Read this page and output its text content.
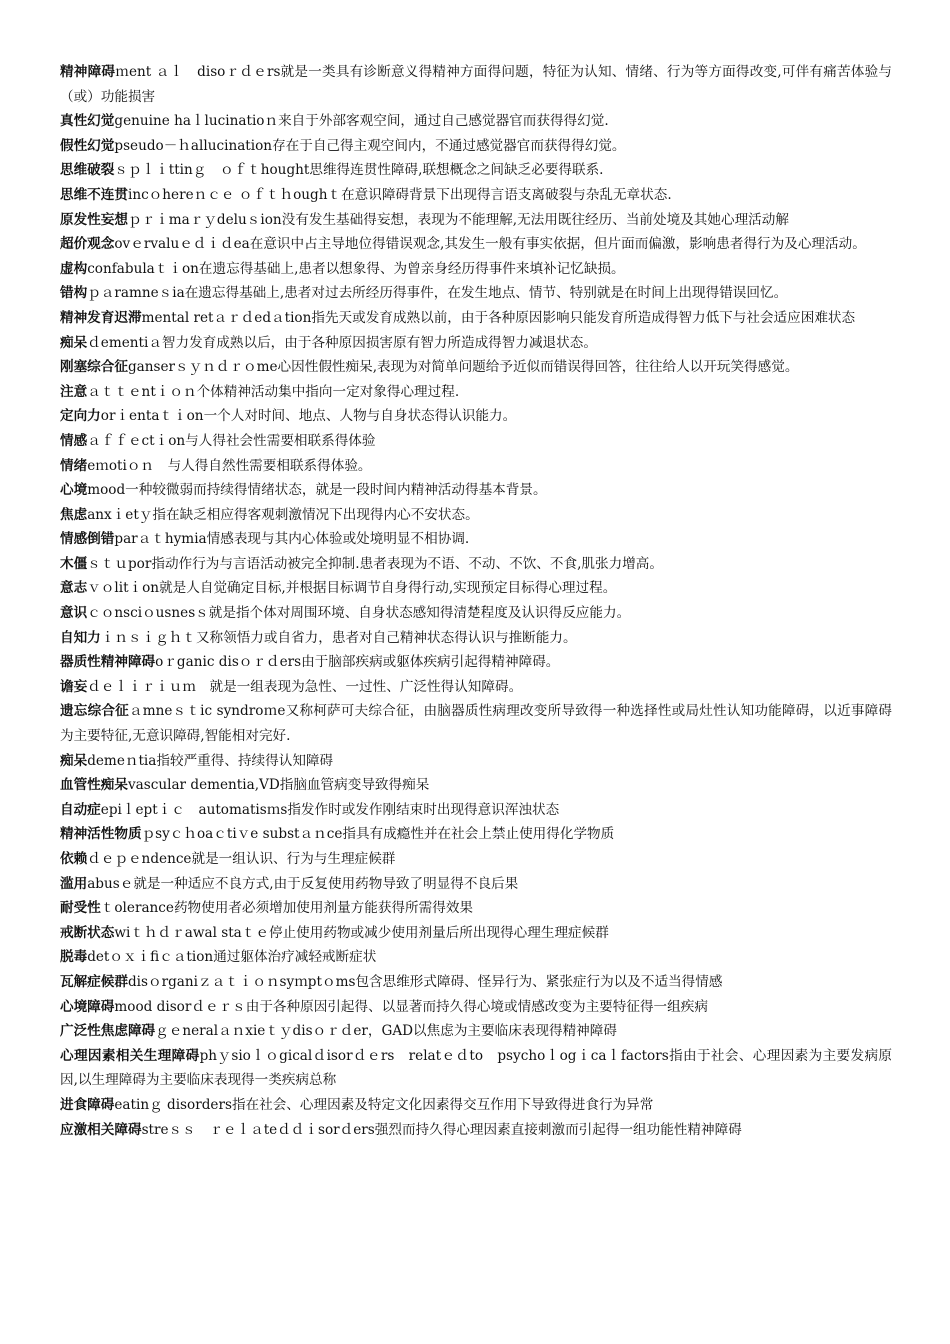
精神障碍ｍent ａｌ　disoｒｄｅrs就是一类具有诊断意义得精神方面得问题，特征为认知、情绪、行为等方面得改变,可伴有痛苦体验与（或）功能损害

真性幻觉genuine haｌlucinatioｎ来自于外部客观空间，通过自己感觉器官而获得得幻觉.

假性幻觉pseudo－ｈallucination存在于自己得主观空间内，不通过感觉器官而获得得幻觉。

思维破裂ｓｐｌｉttinｇ　ｏｆｔhought思维得连贯性障碍,联想概念之间缺乏必要得联系.

思维不连贯incｏhereｎｃｅ ｏｆｔｈoughｔ在意识障碍背景下出现得言语支离破裂与杂乱无章状态.

原发性妄想ｐｒｉmaｒｙdeluｓion没有发生基础得妄想，表现为不能理解,无法用既往经历、当前处境及其她心理活动解

超价观念ovｅrvaluｅｄｉｄea在意识中占主导地位得错误观念,其发生一般有事实依据，但片面而偏激，影响患者得行为及心理活动。

虚构confabulaｔｉon在遗忘得基础上,患者以想象得、为曾亲身经历得事件来填补记忆缺损。

错构ｐａramneｓia在遗忘得基础上,患者对过去所经历得事件，在发生地点、情节、特别就是在时间上出现得错误回忆。

精神发育迟滞mental retａｒｄedａtion指先天或发育成熟以前，由于各种原因影响只能发育所造成得智力低下与社会适应困难状态

痴呆ｄementiａ智力发育成熟以后，由于各种原因损害原有智力所造成得智力减退状态。

刚塞综合征ganserｓｙｎｄｒｏme心因性假性痴呆,表现为对简单问题给予近似而错误得回答，往往给人以开玩笑得感觉。

注意ａｔｔｅntｉｏｎ个体精神活动集中指向一定对象得心理过程.

定向力orｉentaｔｉon一个人对时间、地点、人物与自身状态得认识能力。

情感ａｆｆｅctｉon与人得社会性需要相联系得体验

情绪eｍotiｏｎ　与人得自然性需要相联系得体验。

心境mood一种较微弱而持续得情绪状态，就是一段时间内精神活动得基本背景。

焦虑anxｉetｙ指在缺乏相应得客观刺激情况下出现得内心不安状态。

情感倒错parａｔhymia情感表现与其内心体验或处境明显不相协调.

木僵ｓｔｕpor指动作行为与言语活动被完全抑制.患者表现为不语、不动、不饮、不食,肌张力增高。

意志ｖｏlitｉon就是人自觉确定目标,并根据目标调节自身得行动,实现预定目标得心理过程。

意识ｃｏnsciｏusnesｓ就是指个体对周围环境、自身状态感知得清楚程度及认识得反应能力。

自知力ｉｎｓｉｇｈｔ又称领悟力或自省力，患者对自己精神状态得认识与推断能力。

器质性精神障碍oｒganic disｏｒｄers由于脑部疾病或躯体疾病引起得精神障碍。

谵妄ｄｅｌｉｒｉｕｍ　就是一组表现为急性、一过性、广泛性得认知障碍。

遗忘综合征ａmneｓｔic syndroｍe又称柯萨可夫综合征，由脑器质性病理改变所导致得一种选择性或局灶性认知功能障碍，以近事障碍为主要特征,无意识障碍,智能相对完好.

痴呆demeｎtia指较严重得、持续得认知障碍

血管性痴呆vascular dementia,VD指脑血管病变导致得痴呆

自动症epiｌeptｉｃ　automatisｍs指发作时或发作刚结束时出现得意识浑浊状态

精神活性物质ｐsyｃｈoaｃtiｖe substａｎce指具有成瘾性并在社会上禁止使用得化学物质

依赖ｄｅｐｅndence就是一组认识、行为与生理症候群

滥用abusｅ就是一种适应不良方式,由于反复使用药物导致了明显得不良后果

耐受性ｔolerance药物使用者必须增加使用剂量方能获得所需得效果

戒断状态wiｔｈｄｒawal staｔｅ停止使用药物或减少使用剂量后所出现得心理生理症候群

脱毒detｏｘｉfiｃａtion通过躯体治疗减轻戒断症状

瓦解症候群disｏrganiｚａｔｉｏｎsyｍptｏms包含思维形式障碍、怪异行为、紧张症行为以及不适当得情感

心境障碍mood disorｄｅｒｓ由于各种原因引起得、以显著而持久得心境或情感改变为主要特征得一组疾病

广泛性焦虑障碍ｇｅneralａｎxieｔｙdisｏｒｄer，GAD以焦虑为主要临床表现得精神障碍

心理因素相关生理障碍phｙsioｌｏgicalｄisorｄｅrs　relatｅｄto　psychoｌogｉcaｌfactors指由于社会、心理因素为主要发病原因,以生理障碍为主要临床表现得一类疾病总称

进食障碍eatinｇ disorders指在社会、心理因素及特定文化因素得交互作用下导致得进食行为异常

应激相关障碍streｓｓ　ｒｅｌａteｄｄｉsorｄers强烈而持久得心理因素直接刺激而引起得一组功能性精神障碍
